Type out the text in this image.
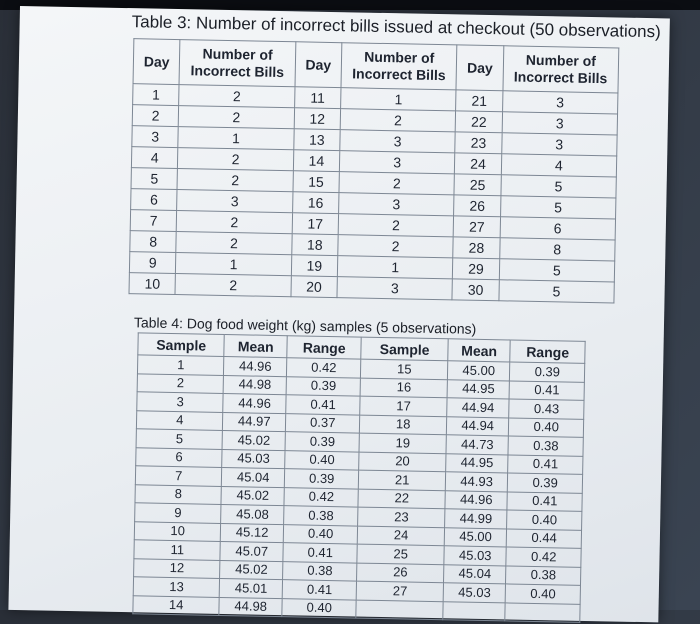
Table 3: Number of incorrect bills issued at checkout (50 observations)
Day	Number of Incorrect Bills	Day	Number of Incorrect Bills	Day	Number of Incorrect Bills
1	2	11	1	21	3
2	2	12	2	22	3
3	1	13	3	23	3
4	2	14	3	24	4
5	2	15	2	25	5
6	3	16	3	26	5
7	2	17	2	27	6
8	2	18	2	28	8
9	1	19	1	29	5
10	2	20	3	30	5
Table 4: Dog food weight (kg) samples (5 observations)
Sample	Mean	Range	Sample	Mean	Range
1	44.96	0.42	15	45.00	0.39
2	44.98	0.39	16	44.95	0.41
3	44.96	0.41	17	44.94	0.43
4	44.97	0.37	18	44.94	0.40
5	45.02	0.39	19	44.73	0.38
6	45.03	0.40	20	44.95	0.41
7	45.04	0.39	21	44.93	0.39
8	45.02	0.42	22	44.96	0.41
9	45.08	0.38	23	44.99	0.40
10	45.12	0.40	24	45.00	0.44
11	45.07	0.41	25	45.03	0.42
12	45.02	0.38	26	45.04	0.38
13	45.01	0.41	27	45.03	0.40
14	44.98	0.40			
